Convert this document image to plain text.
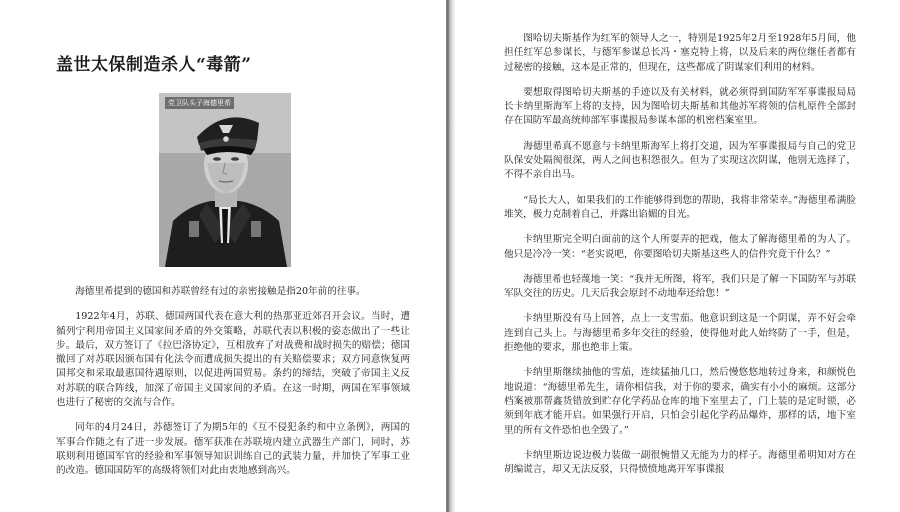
盖世太保制造杀人“毒箭”
党卫队头子海德里希

海德里希提到的德国和苏联曾经有过的亲密接触是指20年前的往事。

1922年4月，苏联、德国两国代表在意大利的热那亚近郊召开会议。当时，遭循列宁利用帝国主义国家间矛盾的外交策略，苏联代表以积极的姿态做出了一些让步。最后，双方签订了《拉巴洛协定》，互相放弃了对战费和战时损失的赔偿；德国撤回了对苏联因颁布国有化法令而遭成损失提出的有关赔偿要求；双方同意恢复两国邦交和采取最惠国待遇原则，以促进两国贸易。条约的缔结，突破了帝国主义反对苏联的联合阵线，加深了帝国主义国家间的矛盾。在这一时期，两国在军事领域也进行了秘密的交流与合作。

同年的4月24日，苏德签订了为期5年的《互不侵犯条约和中立条例》，两国的军事合作随之有了进一步发展。德军获准在苏联境内建立武器生产部门，同时，苏联则利用德国军官的经验和军事领导知识训练自己的武装力量，并加快了军事工业的改造。德国国防军的高级将领们对此由衷地感到高兴。

图哈切夫斯基作为红军的领导人之一，特别是1925年2月至1928年5月间，他担任红军总参谋长，与德军参谋总长冯・塞克特上将，以及后来的两位继任者都有过秘密的接触，这本是正常的，但现在，这些都成了阴谋家们利用的材料。

要想取得图哈切夫斯基的手迹以及有关材料，就必须得到国防军军事谍报局局长卡纳里斯海军上将的支持，因为图哈切夫斯基和其他苏军将领的信札原件全部封存在国防军最高统帅部军事谍报局参谋本部的机密档案室里。

海德里希真不愿意与卡纳里斯海军上将打交道，因为军事谍报局与自己的党卫队保安处隔阂很深，两人之间也积怨很久。但为了实现这次阴谋，他别无选择了，不得不亲自出马。

“局长大人，如果我们的工作能够得到您的帮助，我将非常荣幸。”海德里希满脸堆笑，极力克制着自己，并露出谄媚的目光。

卡纳里斯完全明白面前的这个人所耍弄的把戏，他太了解海德里希的为人了。他只是冷冷一笑：“老实说吧，你要图哈切夫斯基这些人的信件究竟干什么？”

海德里希也轻蔑地一笑：“我并无所图，将军，我们只是了解一下国防军与苏联军队交往的历史。几天后我会原封不动地奉还给您！”

卡纳里斯没有马上回答，点上一支雪茄。他意识到这是一个阴谋，弄不好会牵连到自己头上。与海德里希多年交往的经验，使得他对此人始终防了一手，但是，拒绝他的要求，那也绝非上策。

卡纳里斯继续抽他的雪茄，连续猛抽几口，然后慢悠悠地转过身来，和颜悦色地说道：“海德里希先生，请你相信我，对于你的要求，确实有小小的麻烦。这部分档案被那帮鑫货错放到贮存化学药品仓库的地下室里去了，门上装的是定时锁，必须到年底才能开启。如果强行开启，只怕会引起化学药品爆炸，那样的话，地下室里的所有文件恐怕也全毁了。”

卡纳里斯边说边极力装做一副很惋惜又无能为力的样子。海德里希明知对方在胡编谎言，却又无法反驳，只得愤愤地离开军事谍报
